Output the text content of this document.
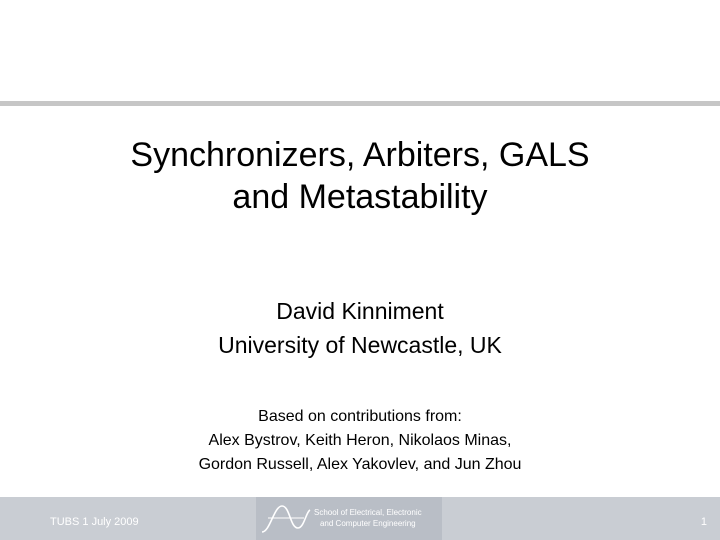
Synchronizers, Arbiters, GALS
and Metastability
David Kinniment
University of Newcastle, UK
Based on contributions from:
Alex Bystrov, Keith Heron, Nikolaos Minas,
Gordon Russell, Alex Yakovlev, and Jun Zhou
TUBS 1 July 2009
School of Electrical, Electronic
and Computer Engineering	1
